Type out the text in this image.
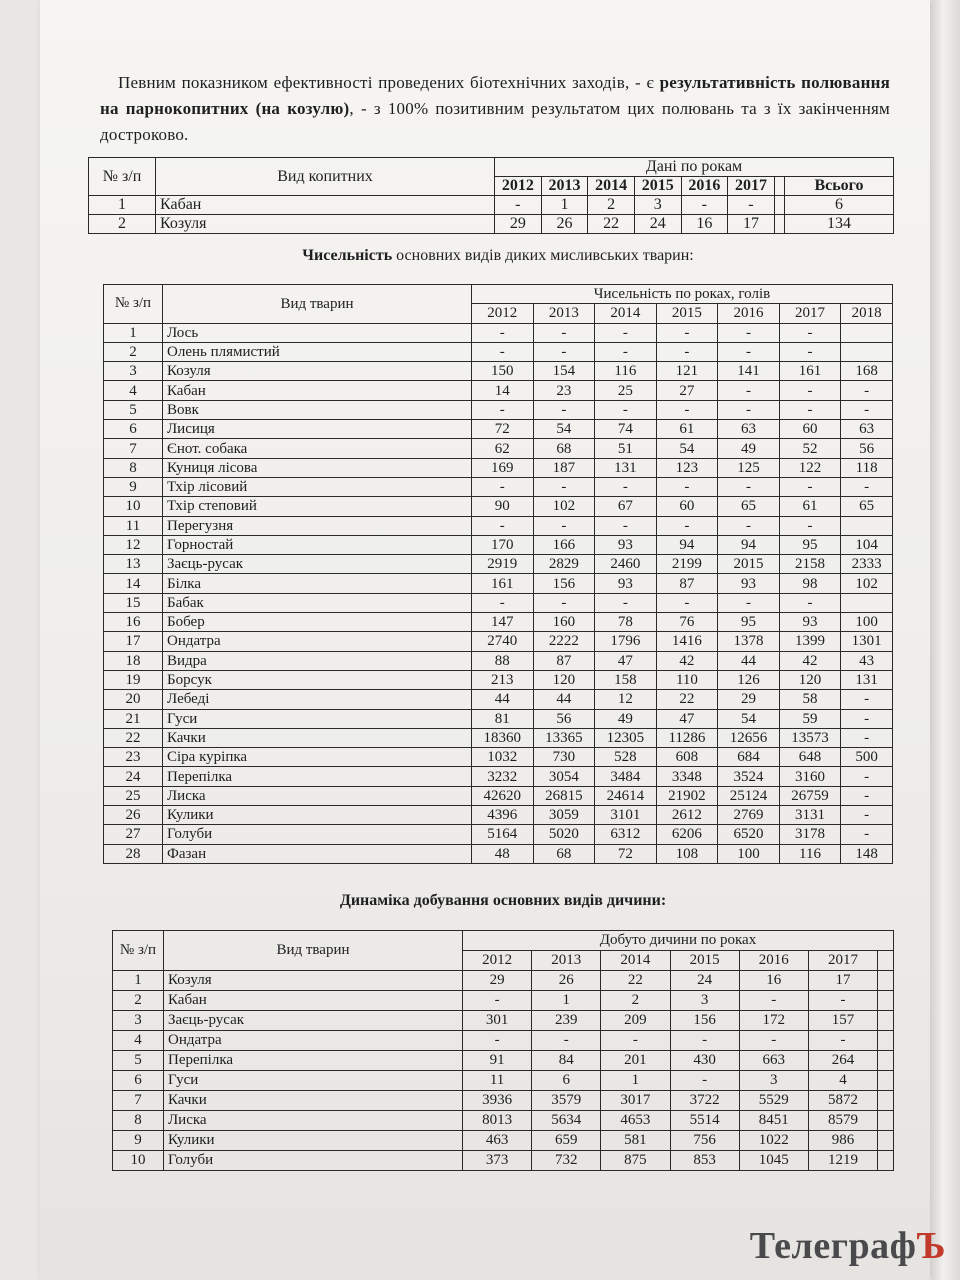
Певним показником ефективності проведених біотехнічних заходів, - є результативність полювання на парнокопитних (на козулю), - з 100% позитивним результатом цих полювань та з їх закінченням достроково.
№ з/п	Вид копитних	Дані по рокам							
		2012	2013	2014	2015	2016	2017		Всього
1	Кабан	-	1	2	3	-	-		6
2	Козуля	29	26	22	24	16	17		134
Чисельність основних видів диких мисливських тварин:
№ з/п	Вид тварин	Чисельність по роках, голів						
		2012	2013	2014	2015	2016	2017	2018
1	Лось	-	-	-	-	-	-	
2	Олень плямистий	-	-	-	-	-	-	
3	Козуля	150	154	116	121	141	161	168
4	Кабан	14	23	25	27	-	-	-
5	Вовк	-	-	-	-	-	-	-
6	Лисиця	72	54	74	61	63	60	63
7	Єнот. собака	62	68	51	54	49	52	56
8	Куниця лісова	169	187	131	123	125	122	118
9	Тхір лісовий	-	-	-	-	-	-	-
10	Тхір степовий	90	102	67	60	65	61	65
11	Перегузня	-	-	-	-	-	-	
12	Горностай	170	166	93	94	94	95	104
13	Заєць-русак	2919	2829	2460	2199	2015	2158	2333
14	Білка	161	156	93	87	93	98	102
15	Бабак	-	-	-	-	-	-	
16	Бобер	147	160	78	76	95	93	100
17	Ондатра	2740	2222	1796	1416	1378	1399	1301
18	Видра	88	87	47	42	44	42	43
19	Борсук	213	120	158	110	126	120	131
20	Лебеді	44	44	12	22	29	58	-
21	Гуси	81	56	49	47	54	59	-
22	Качки	18360	13365	12305	11286	12656	13573	-
23	Сіра куріпка	1032	730	528	608	684	648	500
24	Перепілка	3232	3054	3484	3348	3524	3160	-
25	Лиска	42620	26815	24614	21902	25124	26759	-
26	Кулики	4396	3059	3101	2612	2769	3131	-
27	Голуби	5164	5020	6312	6206	6520	3178	-
28	Фазан	48	68	72	108	100	116	148
Динаміка добування основних видів дичини:
№ з/п	Вид тварин	Добуто дичини по роках						
		2012	2013	2014	2015	2016	2017	
1	Козуля	29	26	22	24	16	17	
2	Кабан	-	1	2	3	-	-	
3	Заєць-русак	301	239	209	156	172	157	
4	Ондатра	-	-	-	-	-	-	
5	Перепілка	91	84	201	430	663	264	
6	Гуси	11	6	1	-	3	4	
7	Качки	3936	3579	3017	3722	5529	5872	
8	Лиска	8013	5634	4653	5514	8451	8579	
9	Кулики	463	659	581	756	1022	986	
10	Голуби	373	732	875	853	1045	1219	
ТелеграфЪ
